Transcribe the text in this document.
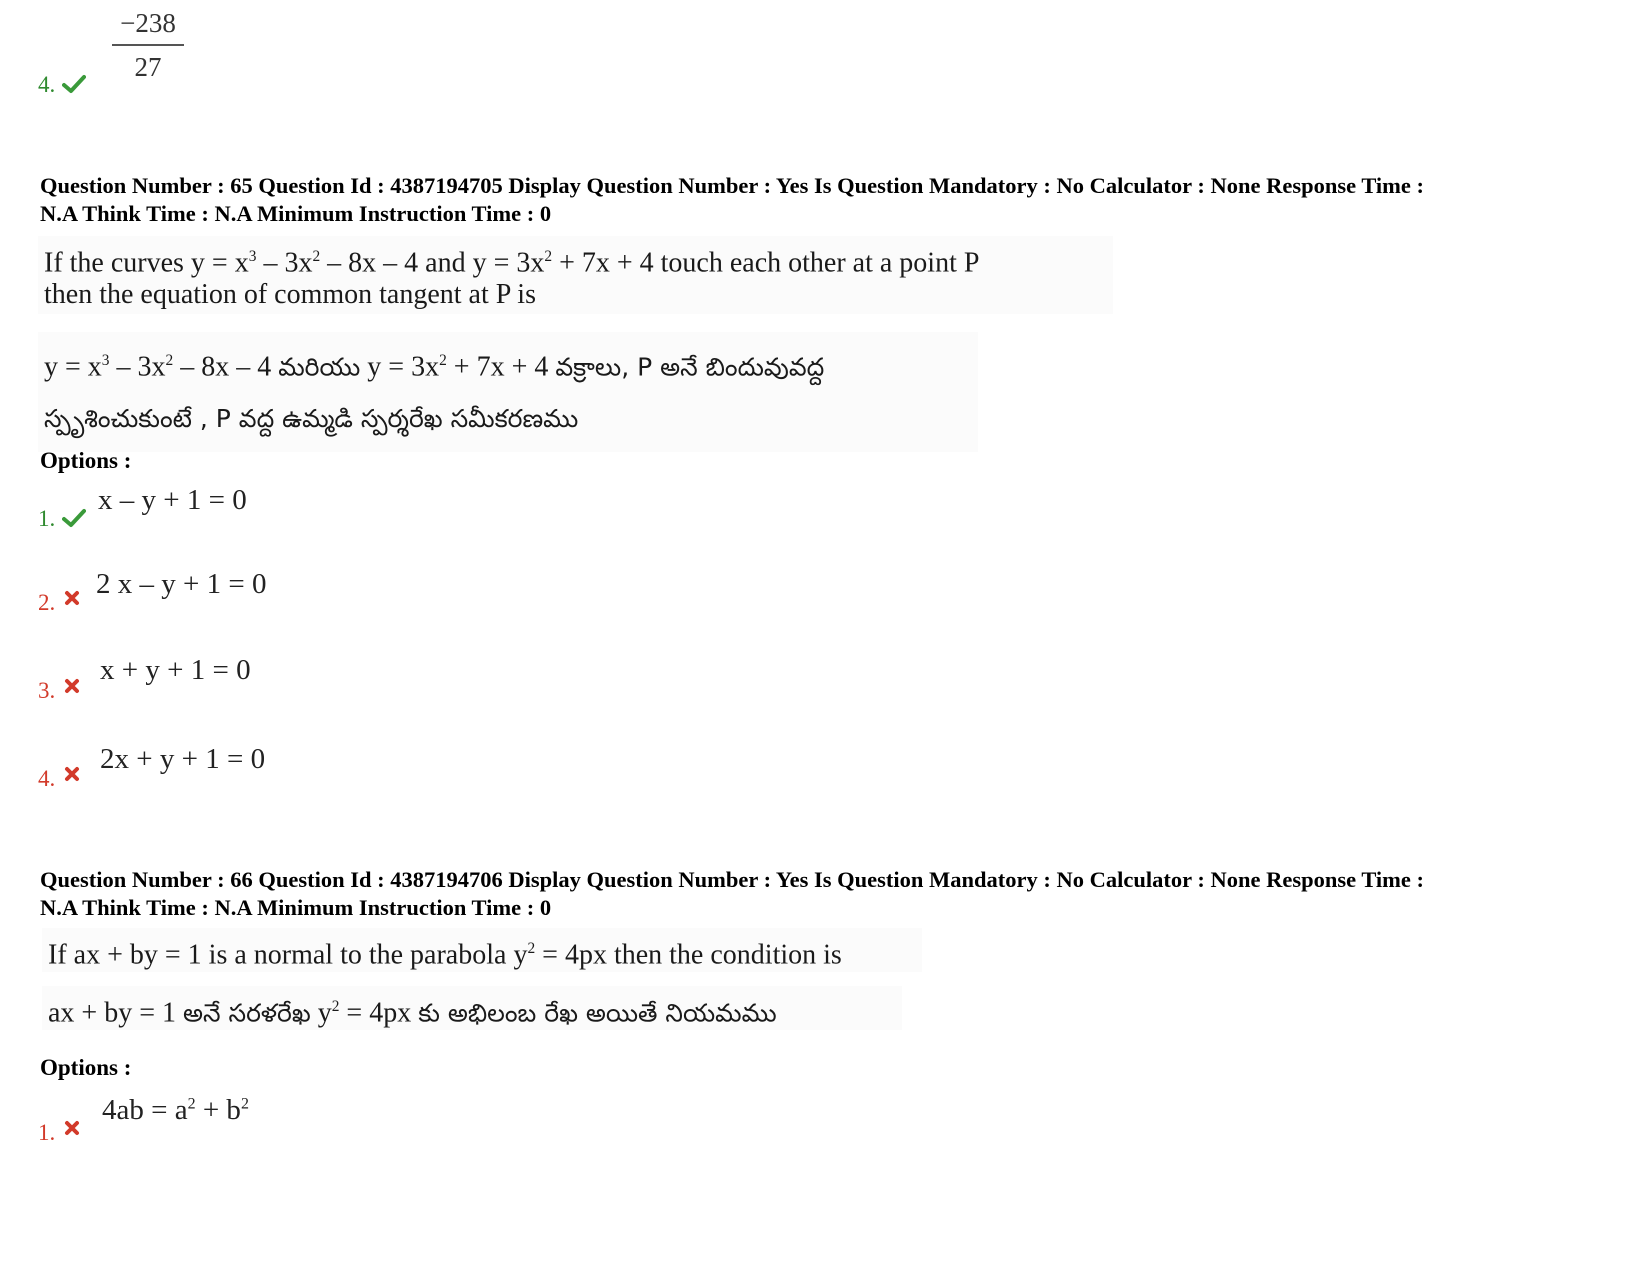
−238
27
4.
Question Number : 65 Question Id : 4387194705 Display Question Number : Yes Is Question Mandatory : No Calculator : None Response Time :
N.A Think Time : N.A Minimum Instruction Time : 0
If the curves $y = x^3 - 3x^2 - 8x - 4$ and $y = 3x^2 + 7x + 4$ touch each other at a point P
then the equation of common tangent at P is
$y = x^3 - 3x^2 - 8x - 4$ మరియు $y = 3x^2 + 7x + 4$ వక్రాలు, P అనే బిందువువద్ద
స్పృశించుకుంటే , P వద్ద ఉమ్మడి స్పర్శరేఖ సమీకరణము
Options :
1.
x – y + 1 = 0
2.
2 x – y + 1 = 0
3.
x + y + 1 = 0
4.
2x + y + 1 = 0
Question Number : 66 Question Id : 4387194706 Display Question Number : Yes Is Question Mandatory : No Calculator : None Response Time :
N.A Think Time : N.A Minimum Instruction Time : 0
If ax + by = 1 is a normal to the parabola $y^2 = 4px$ then the condition is
ax + by = 1 అనే సరళరేఖ $y^2 = 4px$ కు అభిలంబ రేఖ అయితే నియమము
Options :
1.
$4ab = a^2 + b^2$
